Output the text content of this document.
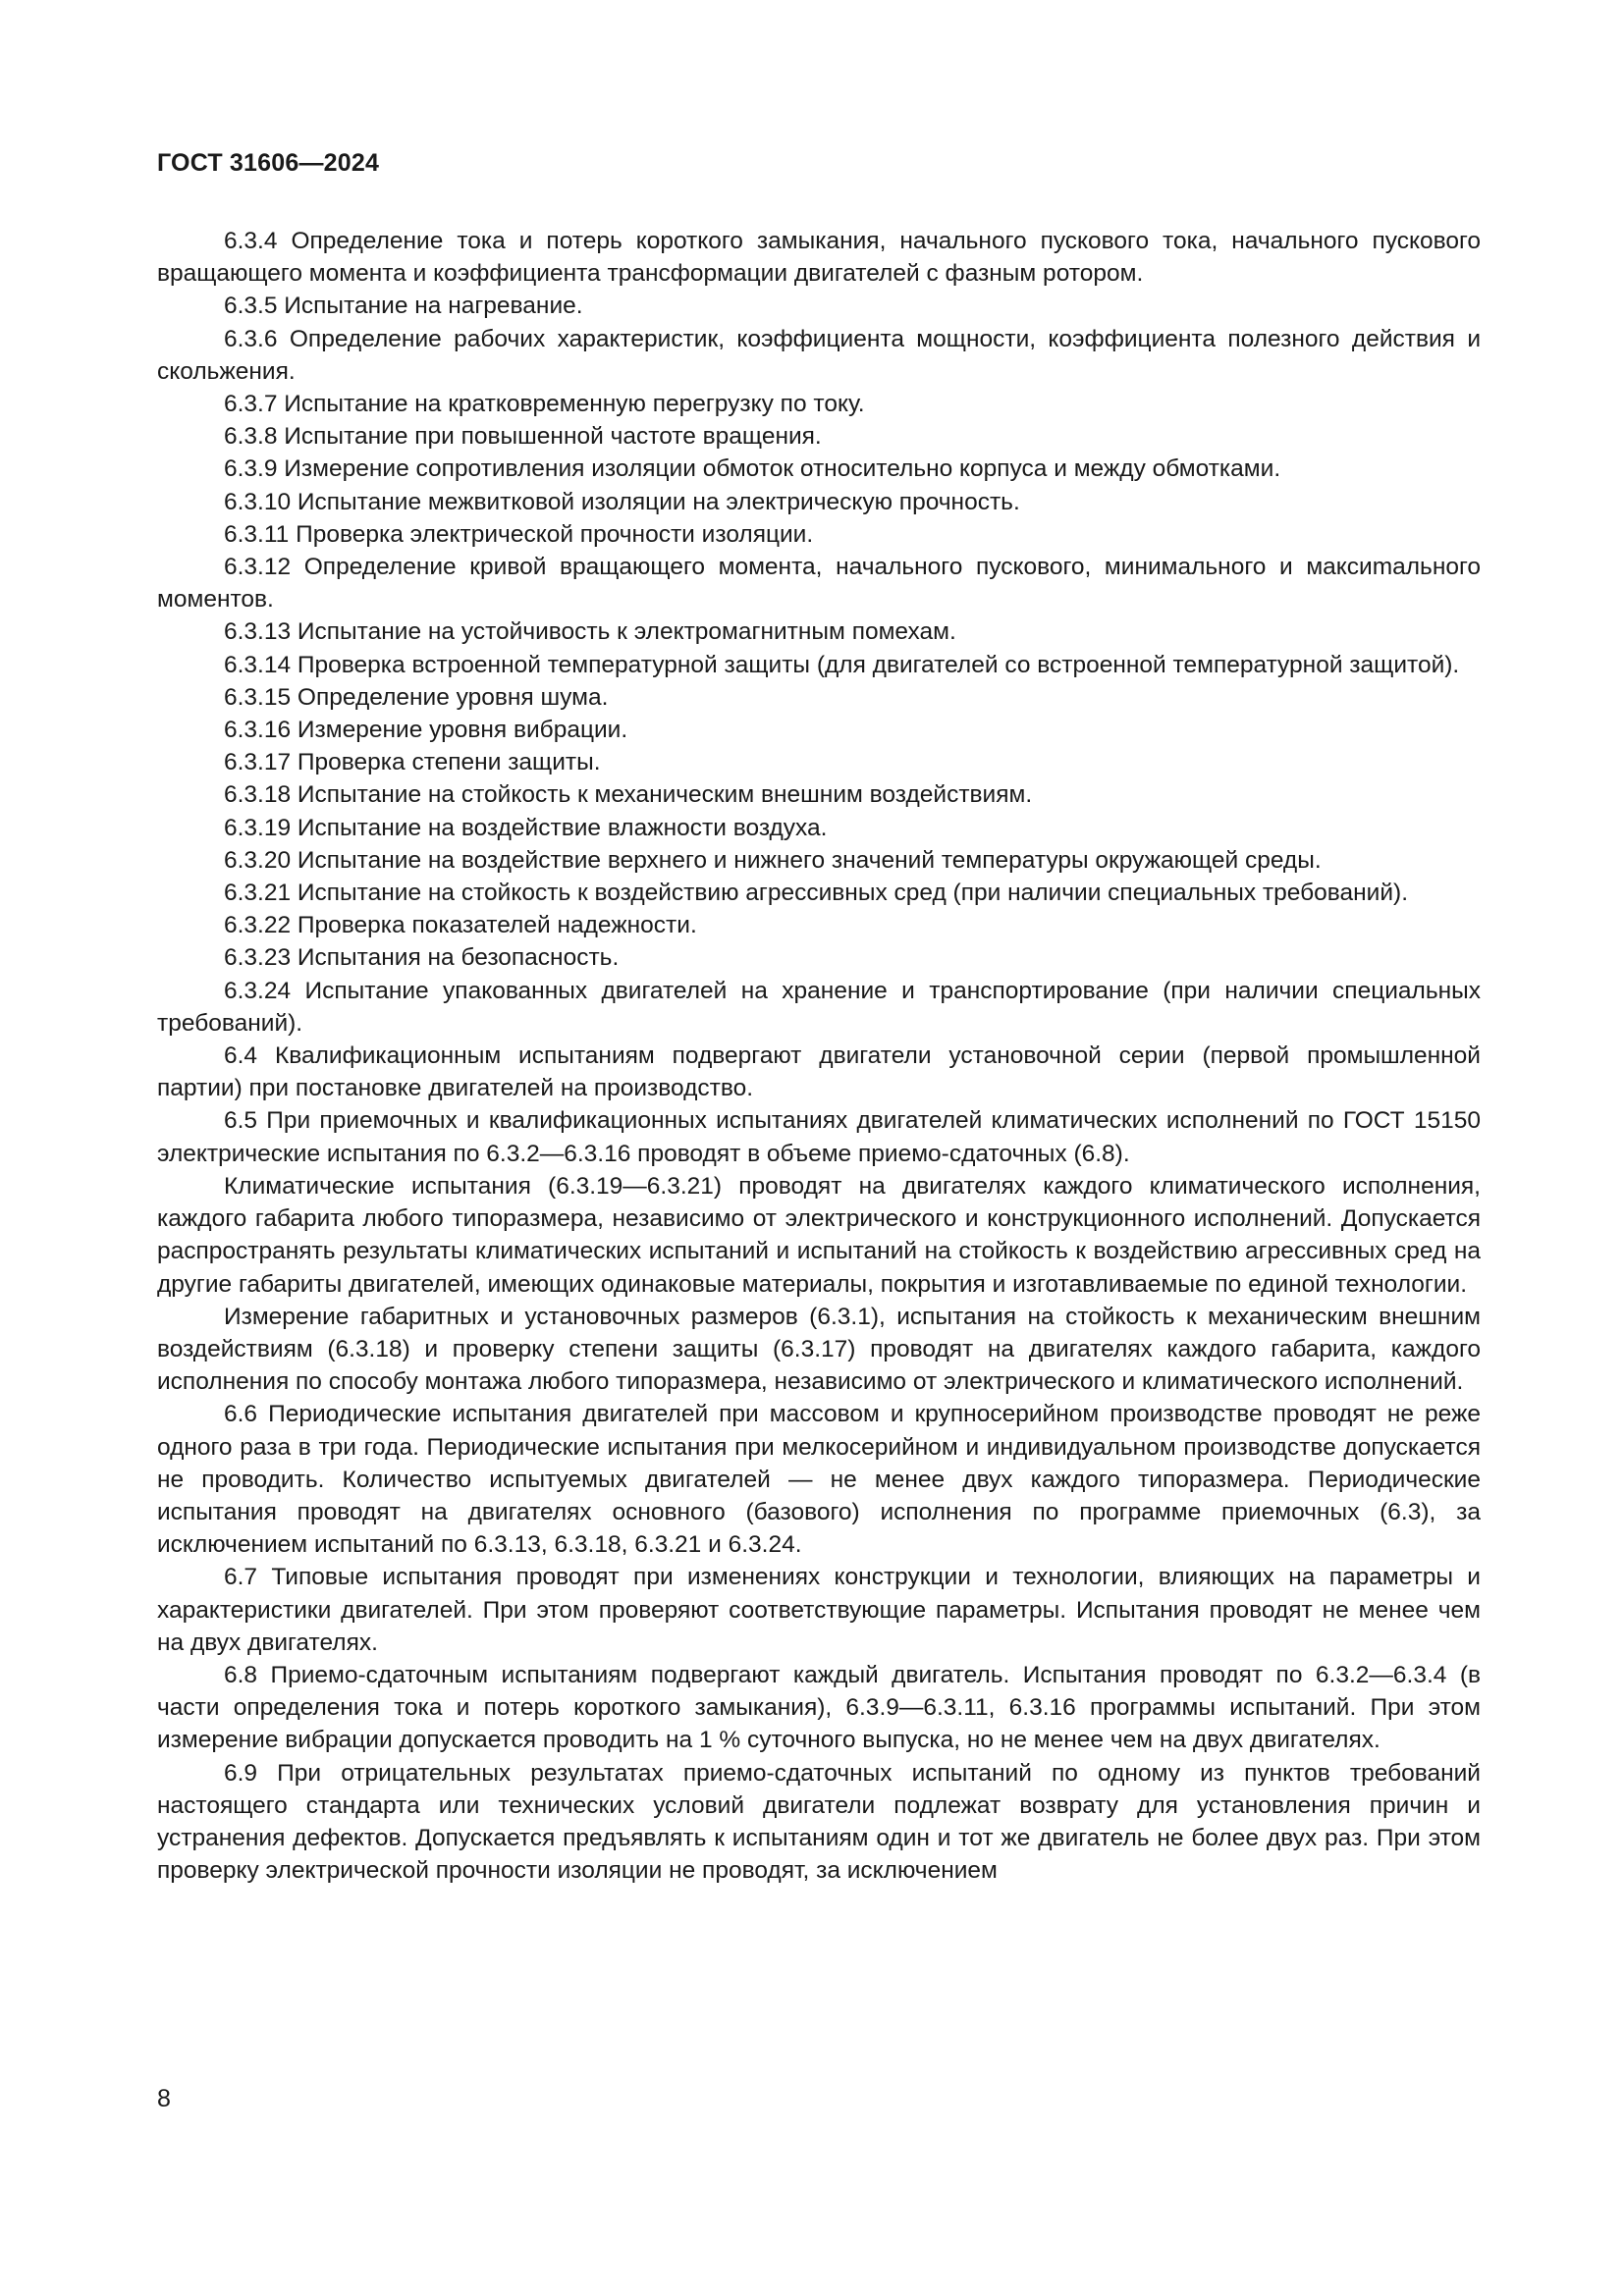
ГОСТ 31606—2024

6.3.4 Определение тока и потерь короткого замыкания, начального пускового тока, начального пускового вращающего момента и коэффициента трансформации двигателей с фазным ротором.

6.3.5 Испытание на нагревание.

6.3.6 Определение рабочих характеристик, коэффициента мощности, коэффициента полезного действия и скольжения.

6.3.7 Испытание на кратковременную перегрузку по току.

6.3.8 Испытание при повышенной частоте вращения.

6.3.9 Измерение сопротивления изоляции обмоток относительно корпуса и между обмотками.

6.3.10 Испытание межвитковой изоляции на электрическую прочность.

6.3.11 Проверка электрической прочности изоляции.

6.3.12 Определение кривой вращающего момента, начального пускового, минимального и максиmального моментов.

6.3.13 Испытание на устойчивость к электромагнитным помехам.

6.3.14 Проверка встроенной температурной защиты (для двигателей со встроенной температурной защитой).

6.3.15 Определение уровня шума.

6.3.16 Измерение уровня вибрации.

6.3.17 Проверка степени защиты.

6.3.18 Испытание на стойкость к механическим внешним воздействиям.

6.3.19 Испытание на воздействие влажности воздуха.

6.3.20 Испытание на воздействие верхнего и нижнего значений температуры окружающей среды.

6.3.21 Испытание на стойкость к воздействию агрессивных сред (при наличии специальных требований).

6.3.22 Проверка показателей надежности.

6.3.23 Испытания на безопасность.

6.3.24 Испытание упакованных двигателей на хранение и транспортирование (при наличии специальных требований).

6.4 Квалификационным испытаниям подвергают двигатели установочной серии (первой промышленной партии) при постановке двигателей на производство.

6.5 При приемочных и квалификационных испытаниях двигателей климатических исполнений по ГОСТ 15150 электрические испытания по 6.3.2—6.3.16 проводят в объеме приемо-сдаточных (6.8).

Климатические испытания (6.3.19—6.3.21) проводят на двигателях каждого климатического исполнения, каждого габарита любого типоразмера, независимо от электрического и конструкционного исполнений. Допускается распространять результаты климатических испытаний и испытаний на стойкость к воздействию агрессивных сред на другие габариты двигателей, имеющих одинаковые материалы, покрытия и изготавливаемые по единой технологии.

Измерение габаритных и установочных размеров (6.3.1), испытания на стойкость к механическим внешним воздействиям (6.3.18) и проверку степени защиты (6.3.17) проводят на двигателях каждого габарита, каждого исполнения по способу монтажа любого типоразмера, независимо от электрического и климатического исполнений.

6.6 Периодические испытания двигателей при массовом и крупносерийном производстве проводят не реже одного раза в три года. Периодические испытания при мелкосерийном и индивидуальном производстве допускается не проводить. Количество испытуемых двигателей — не менее двух каждого типоразмера. Периодические испытания проводят на двигателях основного (базового) исполнения по программе приемочных (6.3), за исключением испытаний по 6.3.13, 6.3.18, 6.3.21 и 6.3.24.

6.7 Типовые испытания проводят при изменениях конструкции и технологии, влияющих на параметры и характеристики двигателей. При этом проверяют соответствующие параметры. Испытания проводят не менее чем на двух двигателях.

6.8 Приемо-сдаточным испытаниям подвергают каждый двигатель. Испытания проводят по 6.3.2—6.3.4 (в части определения тока и потерь короткого замыкания), 6.3.9—6.3.11, 6.3.16 программы испытаний. При этом измерение вибрации допускается проводить на 1 % суточного выпуска, но не менее чем на двух двигателях.

6.9 При отрицательных результатах приемо-сдаточных испытаний по одному из пунктов требований настоящего стандарта или технических условий двигатели подлежат возврату для установления причин и устранения дефектов. Допускается предъявлять к испытаниям один и тот же двигатель не более двух раз. При этом проверку электрической прочности изоляции не проводят, за исключением

8
